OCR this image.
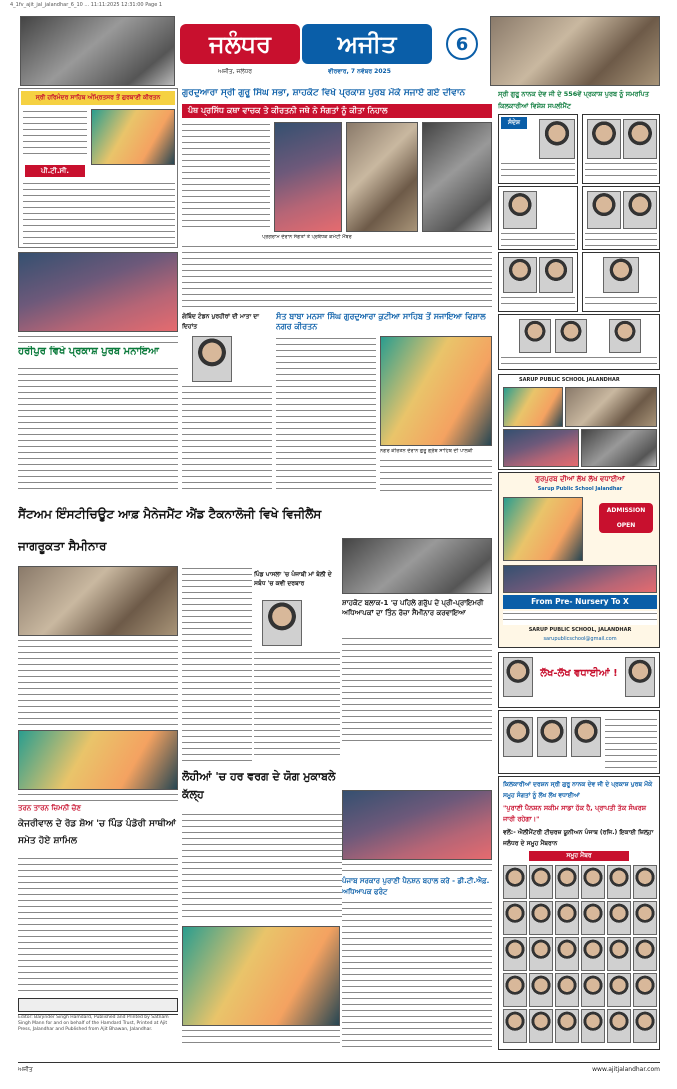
4_1fv_ajit_jal_jalandhar_6_10 ... 11:11:2025 12:31:00 Page 1
ਜਲੰਧਰ	ਅਜੀਤ
ਅਜੀਤ, ਜਲੰਧਰ	ਵੀਰਵਾਰ, 7 ਨਵੰਬਰ 2025
6
ਸ੍ਰੀ ਹਰਿਮੰਦਰ ਸਾਹਿਬ ਅੰਮ੍ਰਿਤਸਰ ਤੋਂ ਗੁਰਬਾਣੀ ਕੀਰਤਨ
ਪੀ.ਟੀ.ਸੀ.
ਹਰੀਪੁਰ ਵਿਖੇ ਪ੍ਰਕਾਸ਼ ਪੁਰਬ ਮਨਾਇਆ
ਸੈਂਟਅਮ ਇੰਸਟੀਚਿਊਟ ਆਫ਼ ਮੈਨੇਜਮੈਂਟ ਐਂਡ ਟੈਕਨਾਲੋਜੀ ਵਿਖੇ ਵਿਜੀਲੈਂਸ ਜਾਗਰੂਕਤਾ ਸੈਮੀਨਾਰ
ਤਰਨ ਤਾਰਨ ਜ਼ਿਮਨੀ ਚੋਣ
ਕੇਜਰੀਵਾਲ ਦੇ ਰੋਡ ਸ਼ੋਅ 'ਚ ਪਿੰਡ ਪੰਡੋਰੀ ਸਾਥੀਆਂ ਸਮੇਤ ਹੋਏ ਸ਼ਾਮਿਲ
Editor: Barjinder Singh Hamdard, Published and Printed by Satnam Singh Mann for and on behalf of the Hamdard Trust, Printed at Ajit Press, Jalandhar and Published from Ajit Bhawan, Jalandhar.
ਗੁਰਦੁਆਰਾ ਸ੍ਰੀ ਗੁਰੂ ਸਿੰਘ ਸਭਾ, ਸ਼ਾਹਕੋਟ ਵਿਖੇ ਪ੍ਰਕਾਸ਼ ਪੁਰਬ ਮੌਕੇ ਸਜਾਏ ਗਏ ਦੀਵਾਨ
ਪੰਥ ਪ੍ਰਸਿੱਧ ਕਥਾ ਵਾਚਕ ਤੇ ਕੀਰਤਨੀ ਜਥੇ ਨੇ ਸੰਗਤਾਂ ਨੂੰ ਕੀਤਾ ਨਿਹਾਲ
ਪ੍ਰੋਗਰਾਮ ਦੌਰਾਨ ਸੰਗਤਾਂ ਤੇ ਪ੍ਰਬੰਧਕ ਕਮੇਟੀ ਮੈਂਬਰ
ਗੋਬਿੰਦ ਟੰਡਨ ਪੁਰਹੀਰਾਂ ਦੀ ਮਾਤਾ ਦਾ ਦਿਹਾਂਤ
ਸੰਤ ਬਾਬਾ ਮਨਸਾ ਸਿੰਘ ਗੁਰਦੁਆਰਾ ਕੁਟੀਆ ਸਾਹਿਬ ਤੋਂ ਸਜਾਇਆ ਵਿਸ਼ਾਲ ਨਗਰ ਕੀਰਤਨ
ਨਗਰ ਕੀਰਤਨ ਦੌਰਾਨ ਗੁਰੂ ਗ੍ਰੰਥ ਸਾਹਿਬ ਦੀ ਪਾਲਕੀ
ਪਿੰਡ ਪਾਸਲਾ 'ਚ ਪੰਜਾਬੀ ਮਾਂ ਬੋਲੀ ਦੇ ਸਬੰਧ 'ਚ ਕਵੀ ਦਰਬਾਰ
ਸ਼ਾਹਕੋਟ ਬਲਾਕ-1 'ਚ ਪਹਿਲੇ ਗਰੁੱਪ ਦੇ ਪ੍ਰੀ-ਪ੍ਰਾਇਮਰੀ ਅਧਿਆਪਕਾਂ ਦਾ ਤਿੰਨ ਰੋਜ਼ਾ ਸੈਮੀਨਾਰ ਕਰਵਾਇਆ
ਲੋਹੀਆਂ 'ਚ ਹਰ ਵਰਗ ਦੇ ਯੋਗ ਮੁਕਾਬਲੇ ਕੱਲ੍ਹ
ਪੰਜਾਬ ਸਰਕਾਰ ਪੁਰਾਣੀ ਪੈਨਸ਼ਨ ਬਹਾਲ ਕਰੇ - ਡੀ.ਟੀ.ਐਫ਼. ਅਧਿਆਪਕ ਫਰੰਟ
ਸ੍ਰੀ ਗੁਰੂ ਨਾਨਕ ਦੇਵ ਜੀ ਦੇ 556ਵੇਂ ਪ੍ਰਕਾਸ਼ ਪੁਰਬ ਨੂੰ ਸਮਰਪਿਤ ਕਿਲਕਾਰੀਆਂ ਵਿਸ਼ੇਸ਼ ਸਪਲੀਮੈਂਟ
ਸੰਦੇਸ਼
SARUP PUBLIC SCHOOL JALANDHAR
ਗੁਰਪੁਰਬ ਦੀਆਂ ਲੱਖ ਲੱਖ ਵਧਾਈਆਂ
Sarup Public School Jalandhar
ADMISSION OPEN
From Pre- Nursery To X
SARUP PUBLIC SCHOOL, JALANDHAR
sarupublicschool@gmail.com
ਲੱਖ-ਲੱਖ ਵਧਾਈਆਂ !
ਕਿਲਕਾਰੀਆਂ ਦਰਸ਼ਨ ਸ੍ਰੀ ਗੁਰੂ ਨਾਨਕ ਦੇਵ ਜੀ ਦੇ ਪ੍ਰਕਾਸ਼ ਪੁਰਬ ਮੌਕੇ ਸਮੂਹ ਸੰਗਤਾਂ ਨੂੰ ਲੱਖ ਲੱਖ ਵਧਾਈਆਂ
"ਪੁਰਾਣੀ ਪੈਨਸ਼ਨ ਸਕੀਮ ਸਾਡਾ ਹੱਕ ਹੈ, ਪ੍ਰਾਪਤੀ ਤੱਕ ਸੰਘਰਸ਼ ਜਾਰੀ ਰਹੇਗਾ।"
ਵਲੋਂ:- ਐਲੀਮੈਂਟਰੀ ਟੀਚਰਜ਼ ਯੂਨੀਅਨ ਪੰਜਾਬ (ਰਜਿ.) ਇਕਾਈ ਜ਼ਿਲ੍ਹਾ ਜਲੰਧਰ ਦੇ ਸਮੂਹ ਮੈਂਬਰਾਨ
ਸਮੂਹ ਮੈਂਬਰ
ਅਜੀਤ	www.ajitjalandhar.com
